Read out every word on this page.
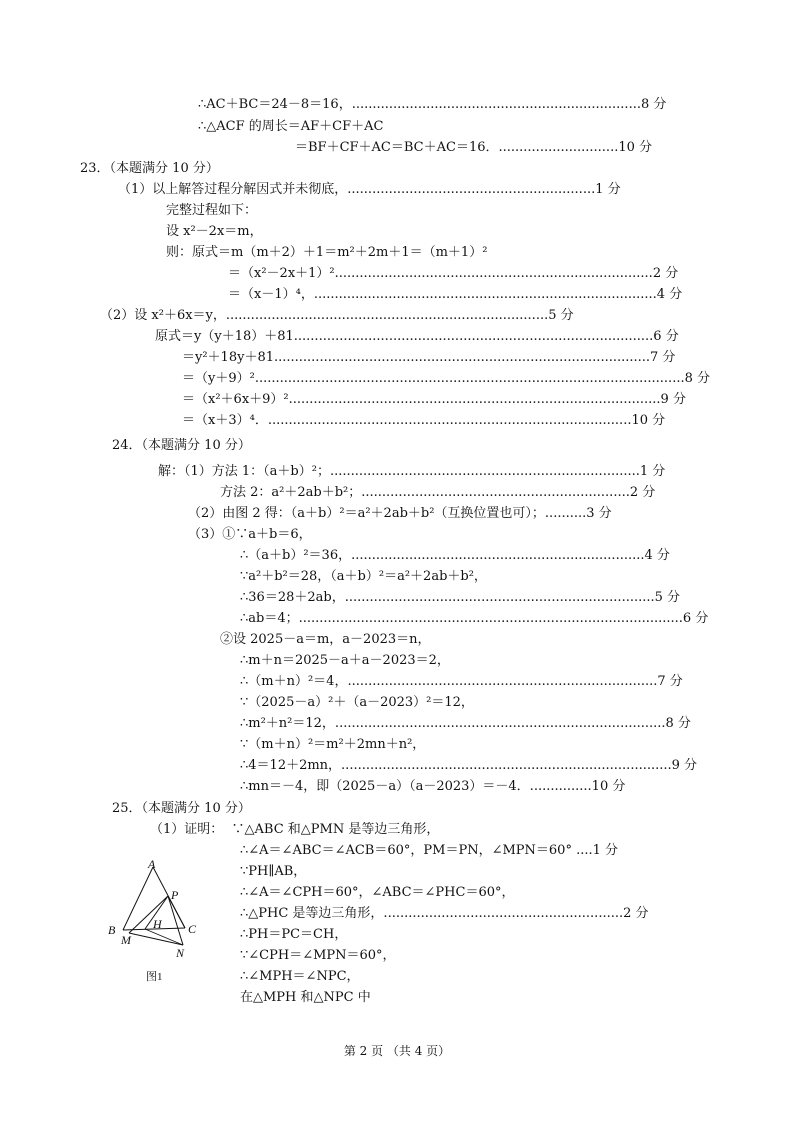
∴AC＋BC＝24－8＝16，......................................................................8 分
∴△ACF 的周长＝AF＋CF＋AC
＝BF＋CF＋AC＝BC＋AC＝16．.............................10 分
23．（本题满分 10 分）
（1）以上解答过程分解因式并未彻底，............................................................1 分
完整过程如下：
设 x²－2x＝m，
则：原式＝m（m＋2）＋1＝m²＋2m＋1＝（m＋1）²
＝（x²－2x＋1）².............................................................................2 分
＝（x－1）⁴，...................................................................................4 分
（2）设 x²＋6x＝y，..............................................................................5 分
原式＝y（y＋18）＋81.......................................................................................6 分
＝y²＋18y＋81...........................................................................................7 分
＝（y＋9）²........................................................................................................8 分
＝（x²＋6x＋9）²..........................................................................................9 分
＝（x＋3）⁴．........................................................................................10 分
24．（本题满分 10 分）
解：（1）方法 1：（a＋b）²；...........................................................................1 分
方法 2：a²＋2ab＋b²；.................................................................2 分
（2）由图 2 得：（a＋b）²＝a²＋2ab＋b²（互换位置也可）；..........3 分
（3）①∵a＋b＝6，
∴（a＋b）²＝36，.......................................................................4 分
∵a²＋b²＝28，（a＋b）²＝a²＋2ab＋b²，
∴36＝28＋2ab，...........................................................................5 分
∴ab＝4；.............................................................................................6 分
②设 2025－a＝m，a－2023＝n，
∴m＋n＝2025－a＋a－2023＝2，
∴（m＋n）²＝4，...........................................................................7 分
∵（2025－a）²＋（a－2023）²＝12，
∴m²＋n²＝12，................................................................................8 分
∵（m＋n）²＝m²＋2mn＋n²，
∴4＝12＋2mn，................................................................................9 分
∴mn＝－4，即（2025－a）（a－2023）＝－4．...............10 分
25．（本题满分 10 分）
（1）证明：  ∵△ABC 和△PMN 是等边三角形，
∴∠A＝∠ABC＝∠ACB＝60°，PM＝PN，∠MPN＝60° ....1 分
∵PH∥AB，
∴∠A＝∠CPH＝60°，∠ABC＝∠PHC＝60°，
∴△PHC 是等边三角形，..........................................................2 分
∴PH＝PC＝CH，
∵∠CPH＝∠MPN＝60°，
∴∠MPH＝∠NPC，
在△MPH 和△NPC 中
A
P
H
B
M
C
N
图1
第 2 页 （共 4 页）
